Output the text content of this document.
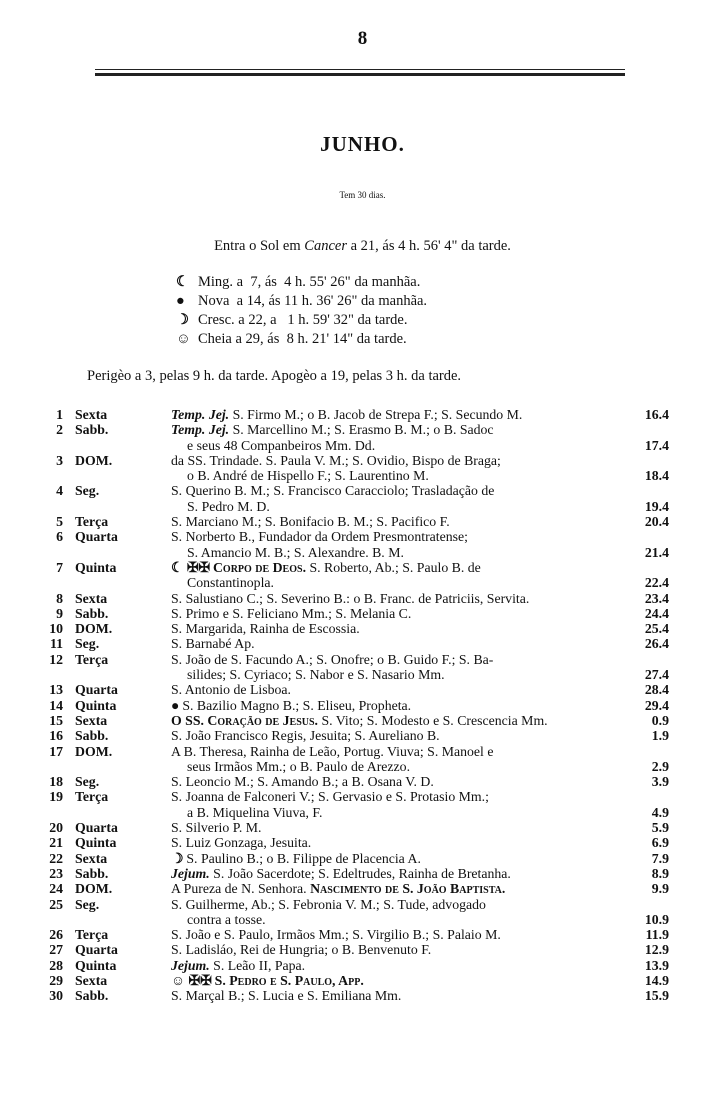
8
JUNHO.
Tem 30 dias.
Entra o Sol em Cancer a 21, ás 4 h. 56' 4" da tarde.
☾ Ming. a  7, ás  4 h. 55' 26" da manhãa.
● Nova  a 14, ás 11 h. 36' 26" da manhãa.
☽ Cresc. a 22, a   1 h. 59' 32" da tarde.
☺ Cheia a 29, ás  8 h. 21' 14" da tarde.
Perigèo a 3, pelas 9 h. da tarde. Apogèo a 19, pelas 3 h. da tarde.
1 Sexta	Temp. Jej. S. Firmo M.; o B. Jacob de Strepa F.; S. Secundo M.	16.4
2 Sabb.	Temp. Jej. S. Marcellino M.; S. Erasmo B. M.; o B. Sadoc
e seus 48 Companbeiros Mm. Dd.	17.4
3 DOM.	da SS. Trindade. S. Paula V. M.; S. Ovidio, Bispo de Braga;
o B. André de Hispello F.; S. Laurentino M.	18.4
4 Seg.	S. Querino B. M.; S. Francisco Caracciolo; Trasladação de
S. Pedro M. D.	19.4
5 Terça	S. Marciano M.; S. Bonifacio B. M.; S. Pacifico F.	20.4
6 Quarta	S. Norberto B., Fundador da Ordem Presmontratense;
S. Amancio M. B.; S. Alexandre. B. M.	21.4
7 Quinta	☾ ✠✠ Corpo de Deos. S. Roberto, Ab.; S. Paulo B. de
Constantinopla.	22.4
8 Sexta	S. Salustiano C.; S. Severino B.: o B. Franc. de Patriciis, Servita.	23.4
9 Sabb.	S. Primo e S. Feliciano Mm.; S. Melania C.	24.4
10 DOM.	S. Margarida, Rainha de Escossia.	25.4
11 Seg.	S. Barnabé Ap.	26.4
12 Terça	S. João de S. Facundo A.; S. Onofre; o B. Guido F.; S. Ba-
silides; S. Cyriaco; S. Nabor e S. Nasario Mm.	27.4
13 Quarta	S. Antonio de Lisboa.	28.4
14 Quinta	● S. Bazilio Magno B.; S. Eliseu, Propheta.	29.4
15 Sexta	O SS. Coração de Jesus. S. Vito; S. Modesto e S. Crescencia Mm.	0.9
16 Sabb.	S. João Francisco Regis, Jesuita; S. Aureliano B.	1.9
17 DOM.	A B. Theresa, Rainha de Leão, Portug. Viuva; S. Manoel e
seus Irmãos Mm.; o B. Paulo de Arezzo.	2.9
18 Seg.	S. Leoncio M.; S. Amando B.; a B. Osana V. D.	3.9
19 Terça	S. Joanna de Falconeri V.; S. Gervasio e S. Protasio Mm.;
a B. Miquelina Viuva, F.	4.9
20 Quarta	S. Silverio P. M.	5.9
21 Quinta	S. Luiz Gonzaga, Jesuita.	6.9
22 Sexta	☽ S. Paulino B.; o B. Filippe de Placencia A.	7.9
23 Sabb.	Jejum. S. João Sacerdote; S. Edeltrudes, Rainha de Bretanha.	8.9
24 DOM.	A Pureza de N. Senhora. Nascimento de S. João Baptista.	9.9
25 Seg.	S. Guilherme, Ab.; S. Febronia V. M.; S. Tude, advogado
contra a tosse.	10.9
26 Terça	S. João e S. Paulo, Irmãos Mm.; S. Virgilio B.; S. Palaio M.	11.9
27 Quarta	S. Ladisláo, Rei de Hungria; o B. Benvenuto F.	12.9
28 Quinta	Jejum. S. Leão II, Papa.	13.9
29 Sexta	☺ ✠✠ S. Pedro e S. Paulo, App.	14.9
30 Sabb.	S. Marçal B.; S. Lucia e S. Emiliana Mm.	15.9
